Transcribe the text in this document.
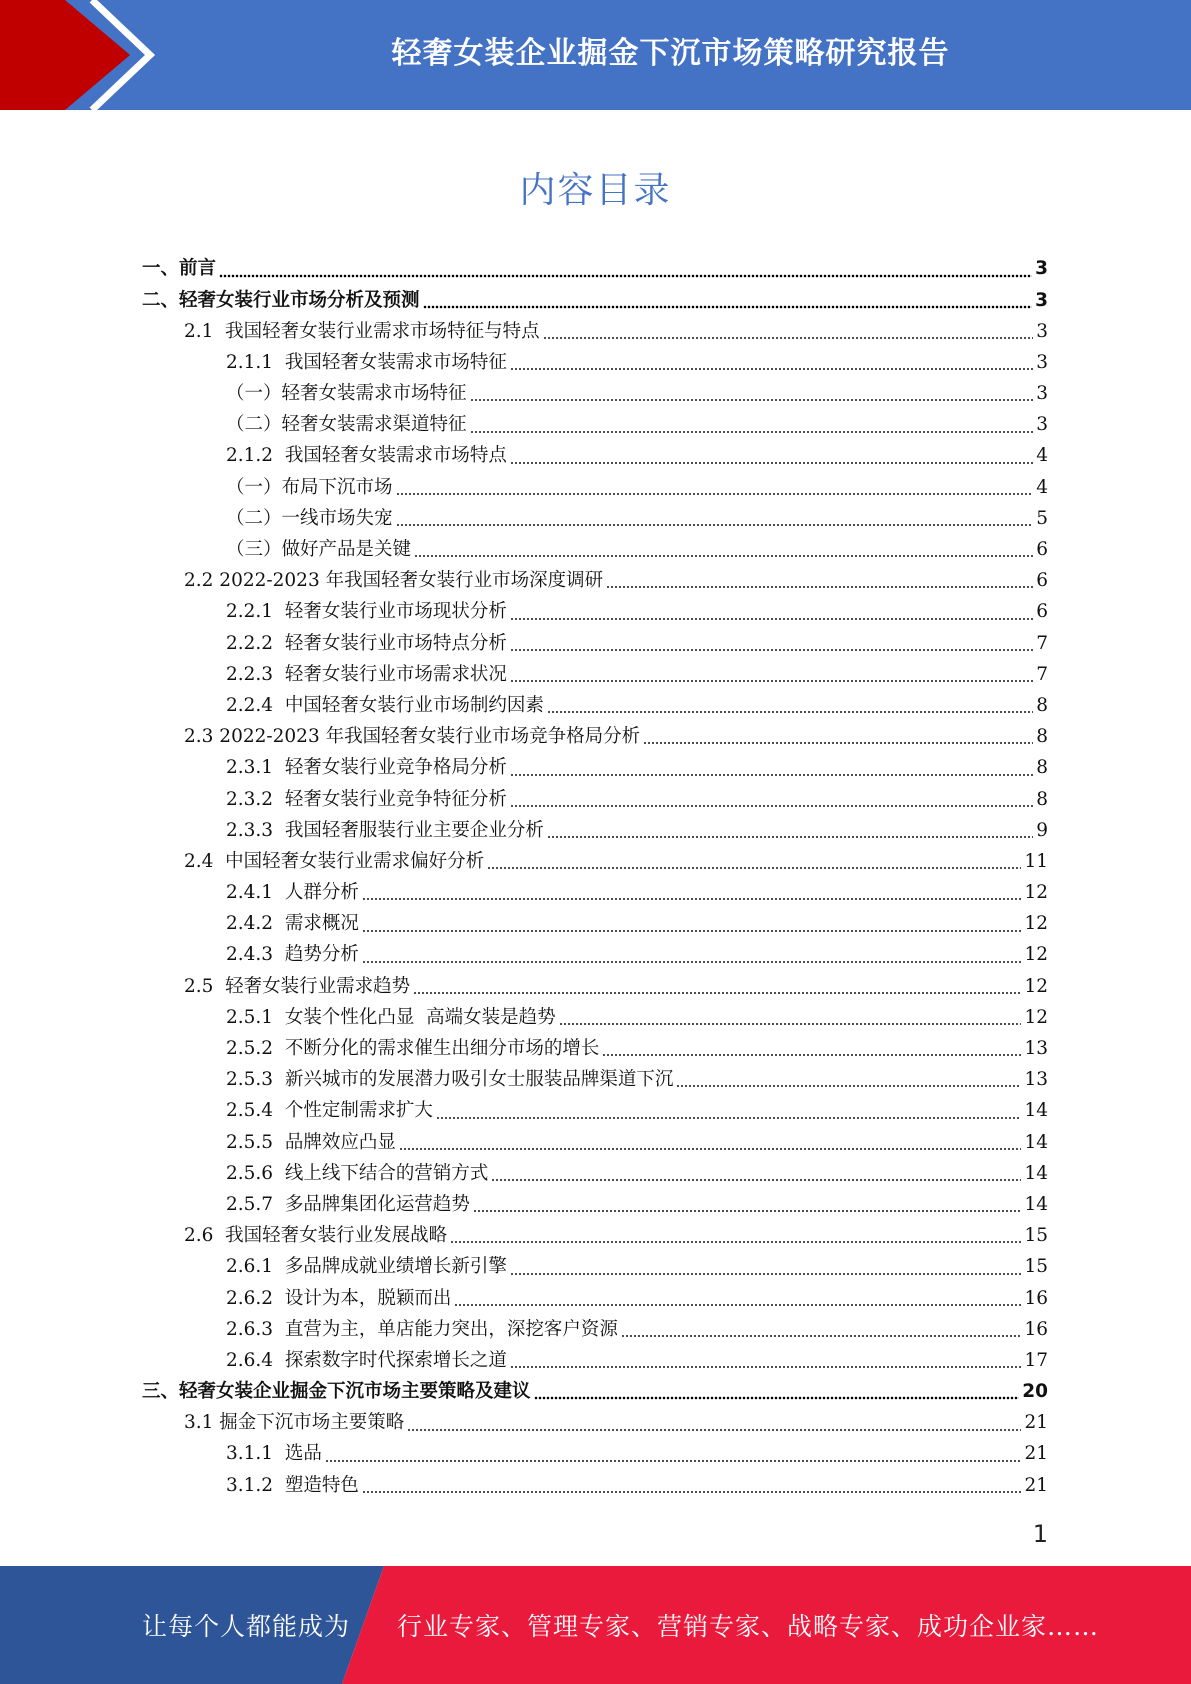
轻奢女装企业掘金下沉市场策略研究报告
内容目录
一、前言	3
二、轻奢女装行业市场分析及预测	3
2.1  我国轻奢女装行业需求市场特征与特点	3
2.1.1  我国轻奢女装需求市场特征	3
（一）轻奢女装需求市场特征	3
（二）轻奢女装需求渠道特征	3
2.1.2  我国轻奢女装需求市场特点	4
（一）布局下沉市场	4
（二）一线市场失宠	5
（三）做好产品是关键	6
2.2 2022-2023 年我国轻奢女装行业市场深度调研	6
2.2.1  轻奢女装行业市场现状分析	6
2.2.2  轻奢女装行业市场特点分析	7
2.2.3  轻奢女装行业市场需求状况	7
2.2.4  中国轻奢女装行业市场制约因素	8
2.3 2022-2023 年我国轻奢女装行业市场竞争格局分析	8
2.3.1  轻奢女装行业竞争格局分析	8
2.3.2  轻奢女装行业竞争特征分析	8
2.3.3  我国轻奢服装行业主要企业分析	9
2.4  中国轻奢女装行业需求偏好分析	11
2.4.1  人群分析	12
2.4.2  需求概况	12
2.4.3  趋势分析	12
2.5  轻奢女装行业需求趋势	12
2.5.1  女装个性化凸显  高端女装是趋势	12
2.5.2  不断分化的需求催生出细分市场的增长	13
2.5.3  新兴城市的发展潜力吸引女士服装品牌渠道下沉	13
2.5.4  个性定制需求扩大	14
2.5.5  品牌效应凸显	14
2.5.6  线上线下结合的营销方式	14
2.5.7  多品牌集团化运营趋势	14
2.6  我国轻奢女装行业发展战略	15
2.6.1  多品牌成就业绩增长新引擎	15
2.6.2  设计为本，脱颖而出	16
2.6.3  直营为主，单店能力突出，深挖客户资源	16
2.6.4  探索数字时代探索增长之道	17
三、轻奢女装企业掘金下沉市场主要策略及建议	20
3.1 掘金下沉市场主要策略	21
3.1.1  选品	21
3.1.2  塑造特色	21
1
让每个人都能成为 行业专家、管理专家、营销专家、战略专家、成功企业家……
